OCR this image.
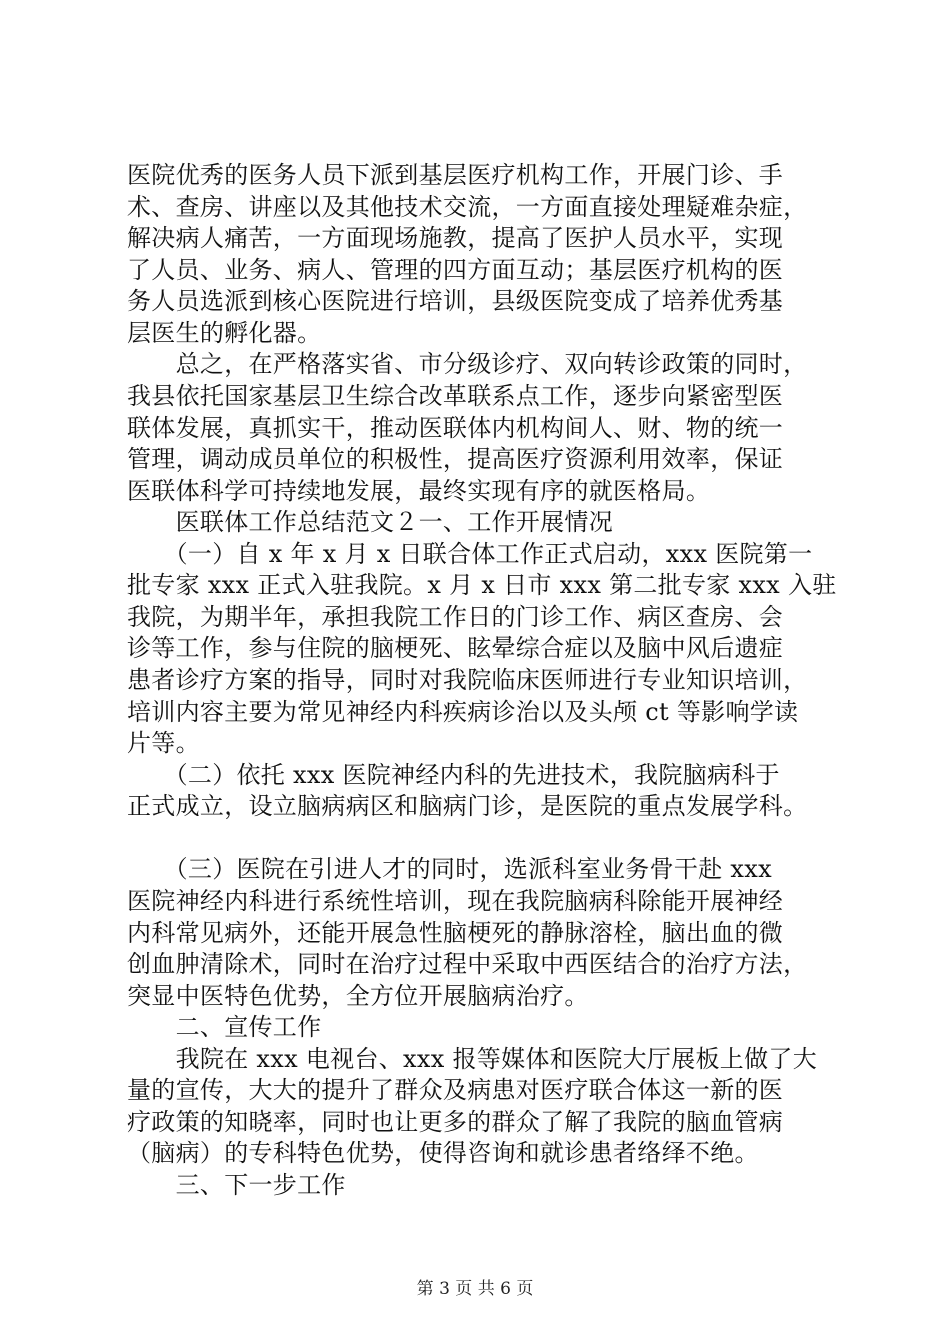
医院优秀的医务人员下派到基层医疗机构工作，开展门诊、手
术、查房、讲座以及其他技术交流，一方面直接处理疑难杂症，
解决病人痛苦，一方面现场施教，提高了医护人员水平，实现
了人员、业务、病人、管理的四方面互动；基层医疗机构的医
务人员选派到核心医院进行培训，县级医院变成了培养优秀基
层医生的孵化器。
　　总之，在严格落实省、市分级诊疗、双向转诊政策的同时，
我县依托国家基层卫生综合改革联系点工作，逐步向紧密型医
联体发展，真抓实干，推动医联体内机构间人、财、物的统一
管理，调动成员单位的积极性，提高医疗资源利用效率，保证
医联体科学可持续地发展，最终实现有序的就医格局。
　　医联体工作总结范文２一、工作开展情况
　　（一）自 x 年 x 月 x 日联合体工作正式启动，xxx 医院第一
批专家 xxx 正式入驻我院。x 月 x 日市 xxx 第二批专家 xxx 入驻
我院，为期半年，承担我院工作日的门诊工作、病区查房、会
诊等工作，参与住院的脑梗死、眩晕综合症以及脑中风后遗症
患者诊疗方案的指导，同时对我院临床医师进行专业知识培训，
培训内容主要为常见神经内科疾病诊治以及头颅 ct 等影响学读
片等。
　　（二）依托 xxx 医院神经内科的先进技术，我院脑病科于
正式成立，设立脑病病区和脑病门诊，是医院的重点发展学科。
　　（三）医院在引进人才的同时，选派科室业务骨干赴 xxx
医院神经内科进行系统性培训，现在我院脑病科除能开展神经
内科常见病外，还能开展急性脑梗死的静脉溶栓，脑出血的微
创血肿清除术，同时在治疗过程中采取中西医结合的治疗方法，
突显中医特色优势，全方位开展脑病治疗。
　　二、宣传工作
　　我院在 xxx 电视台、xxx 报等媒体和医院大厅展板上做了大
量的宣传，大大的提升了群众及病患对医疗联合体这一新的医
疗政策的知晓率，同时也让更多的群众了解了我院的脑血管病
（脑病）的专科特色优势，使得咨询和就诊患者络绎不绝。
　　三、下一步工作
第 3 页 共 6 页
